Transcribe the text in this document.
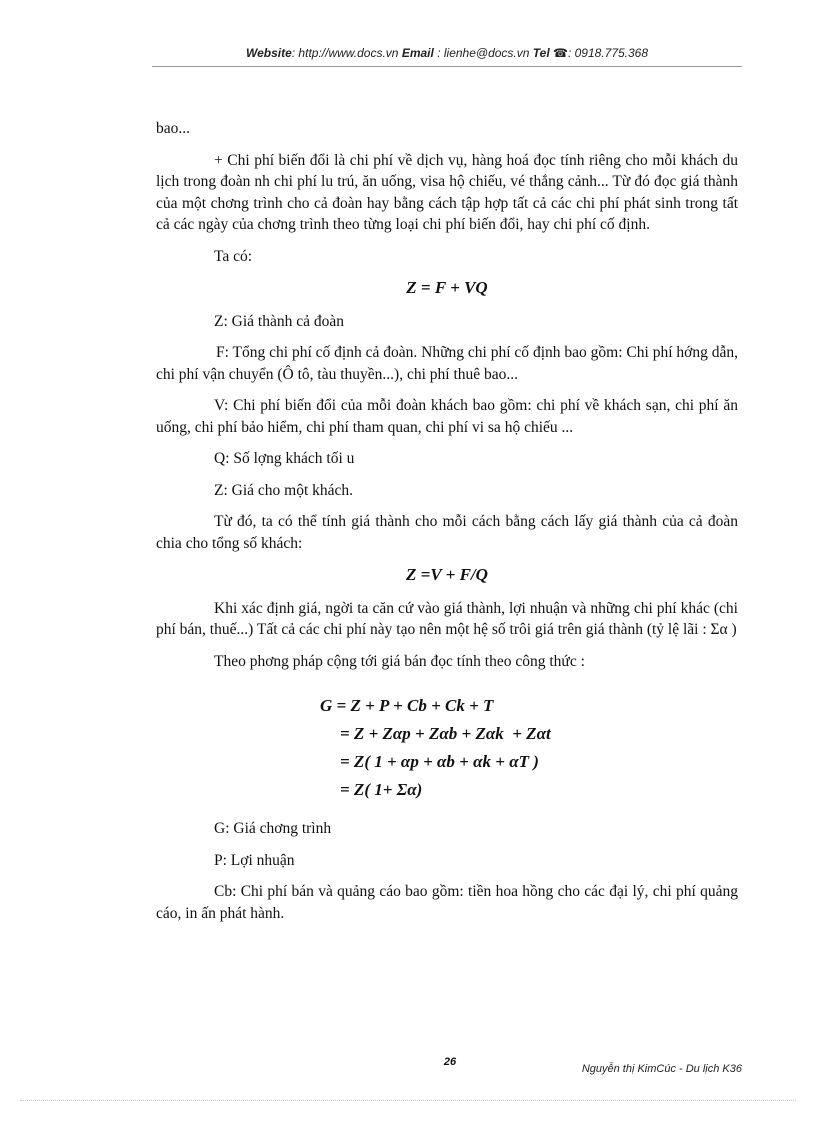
Website: http://www.docs.vn Email : lienhe@docs.vn Tel ☎: 0918.775.368

bao...

+ Chi phí biến đổi là chi phí về dịch vụ, hàng hoá đọc tính riêng cho mỗi khách du lịch trong đoàn nh chi phí lu trú, ăn uống, visa hộ chiếu, vé thắng cảnh... Từ đó đọc giá thành của một chơng trình cho cả đoàn hay bằng cách tập hợp tất cả các chi phí phát sinh trong tất cả các ngày của chơng trình theo từng loại chi phí biến đổi, hay chi phí cố định.

Ta có:

Z = F + VQ

Z: Giá thành cả đoàn

F: Tổng chi phí cố định cả đoàn. Những chi phí cố định bao gồm: Chi phí hớng dẫn, chi phí vận chuyển (Ô tô, tàu thuyền...), chi phí thuê bao...

V: Chi phí biến đổi của mỗi đoàn khách bao gồm: chi phí về khách sạn, chi phí ăn uống, chi phí bảo hiểm, chi phí tham quan, chi phí vi sa hộ chiếu ...

Q: Số lợng khách tối u

Z: Giá cho một khách.

Từ đó, ta có thể tính giá thành cho mỗi cách bằng cách lấy giá thành của cả đoàn chia cho tổng số khách:

Z =V + F/Q

Khi xác định giá, ngời ta căn cứ vào giá thành, lợi nhuận và những chi phí khác (chi phí bán, thuế...) Tất cả các chi phí này tạo nên một hệ số trôi giá trên giá thành (tỷ lệ lãi : Σα )

Theo phơng pháp cộng tới giá bán đọc tính theo công thức :

G = Z + P + Cb + Ck + T
= Z + Zαp + Zαb + Zαk  + Zαt
= Z( 1 + αp + αb + αk + αT )
= Z( 1+ Σα)

G: Giá chơng trình

P: Lợi nhuận

Cb: Chi phí bán và quảng cáo bao gồm: tiền hoa hồng cho các đại lý, chi phí quảng cáo, in ấn phát hành.

26
Nguyễn thị KimCúc - Du lịch K36
